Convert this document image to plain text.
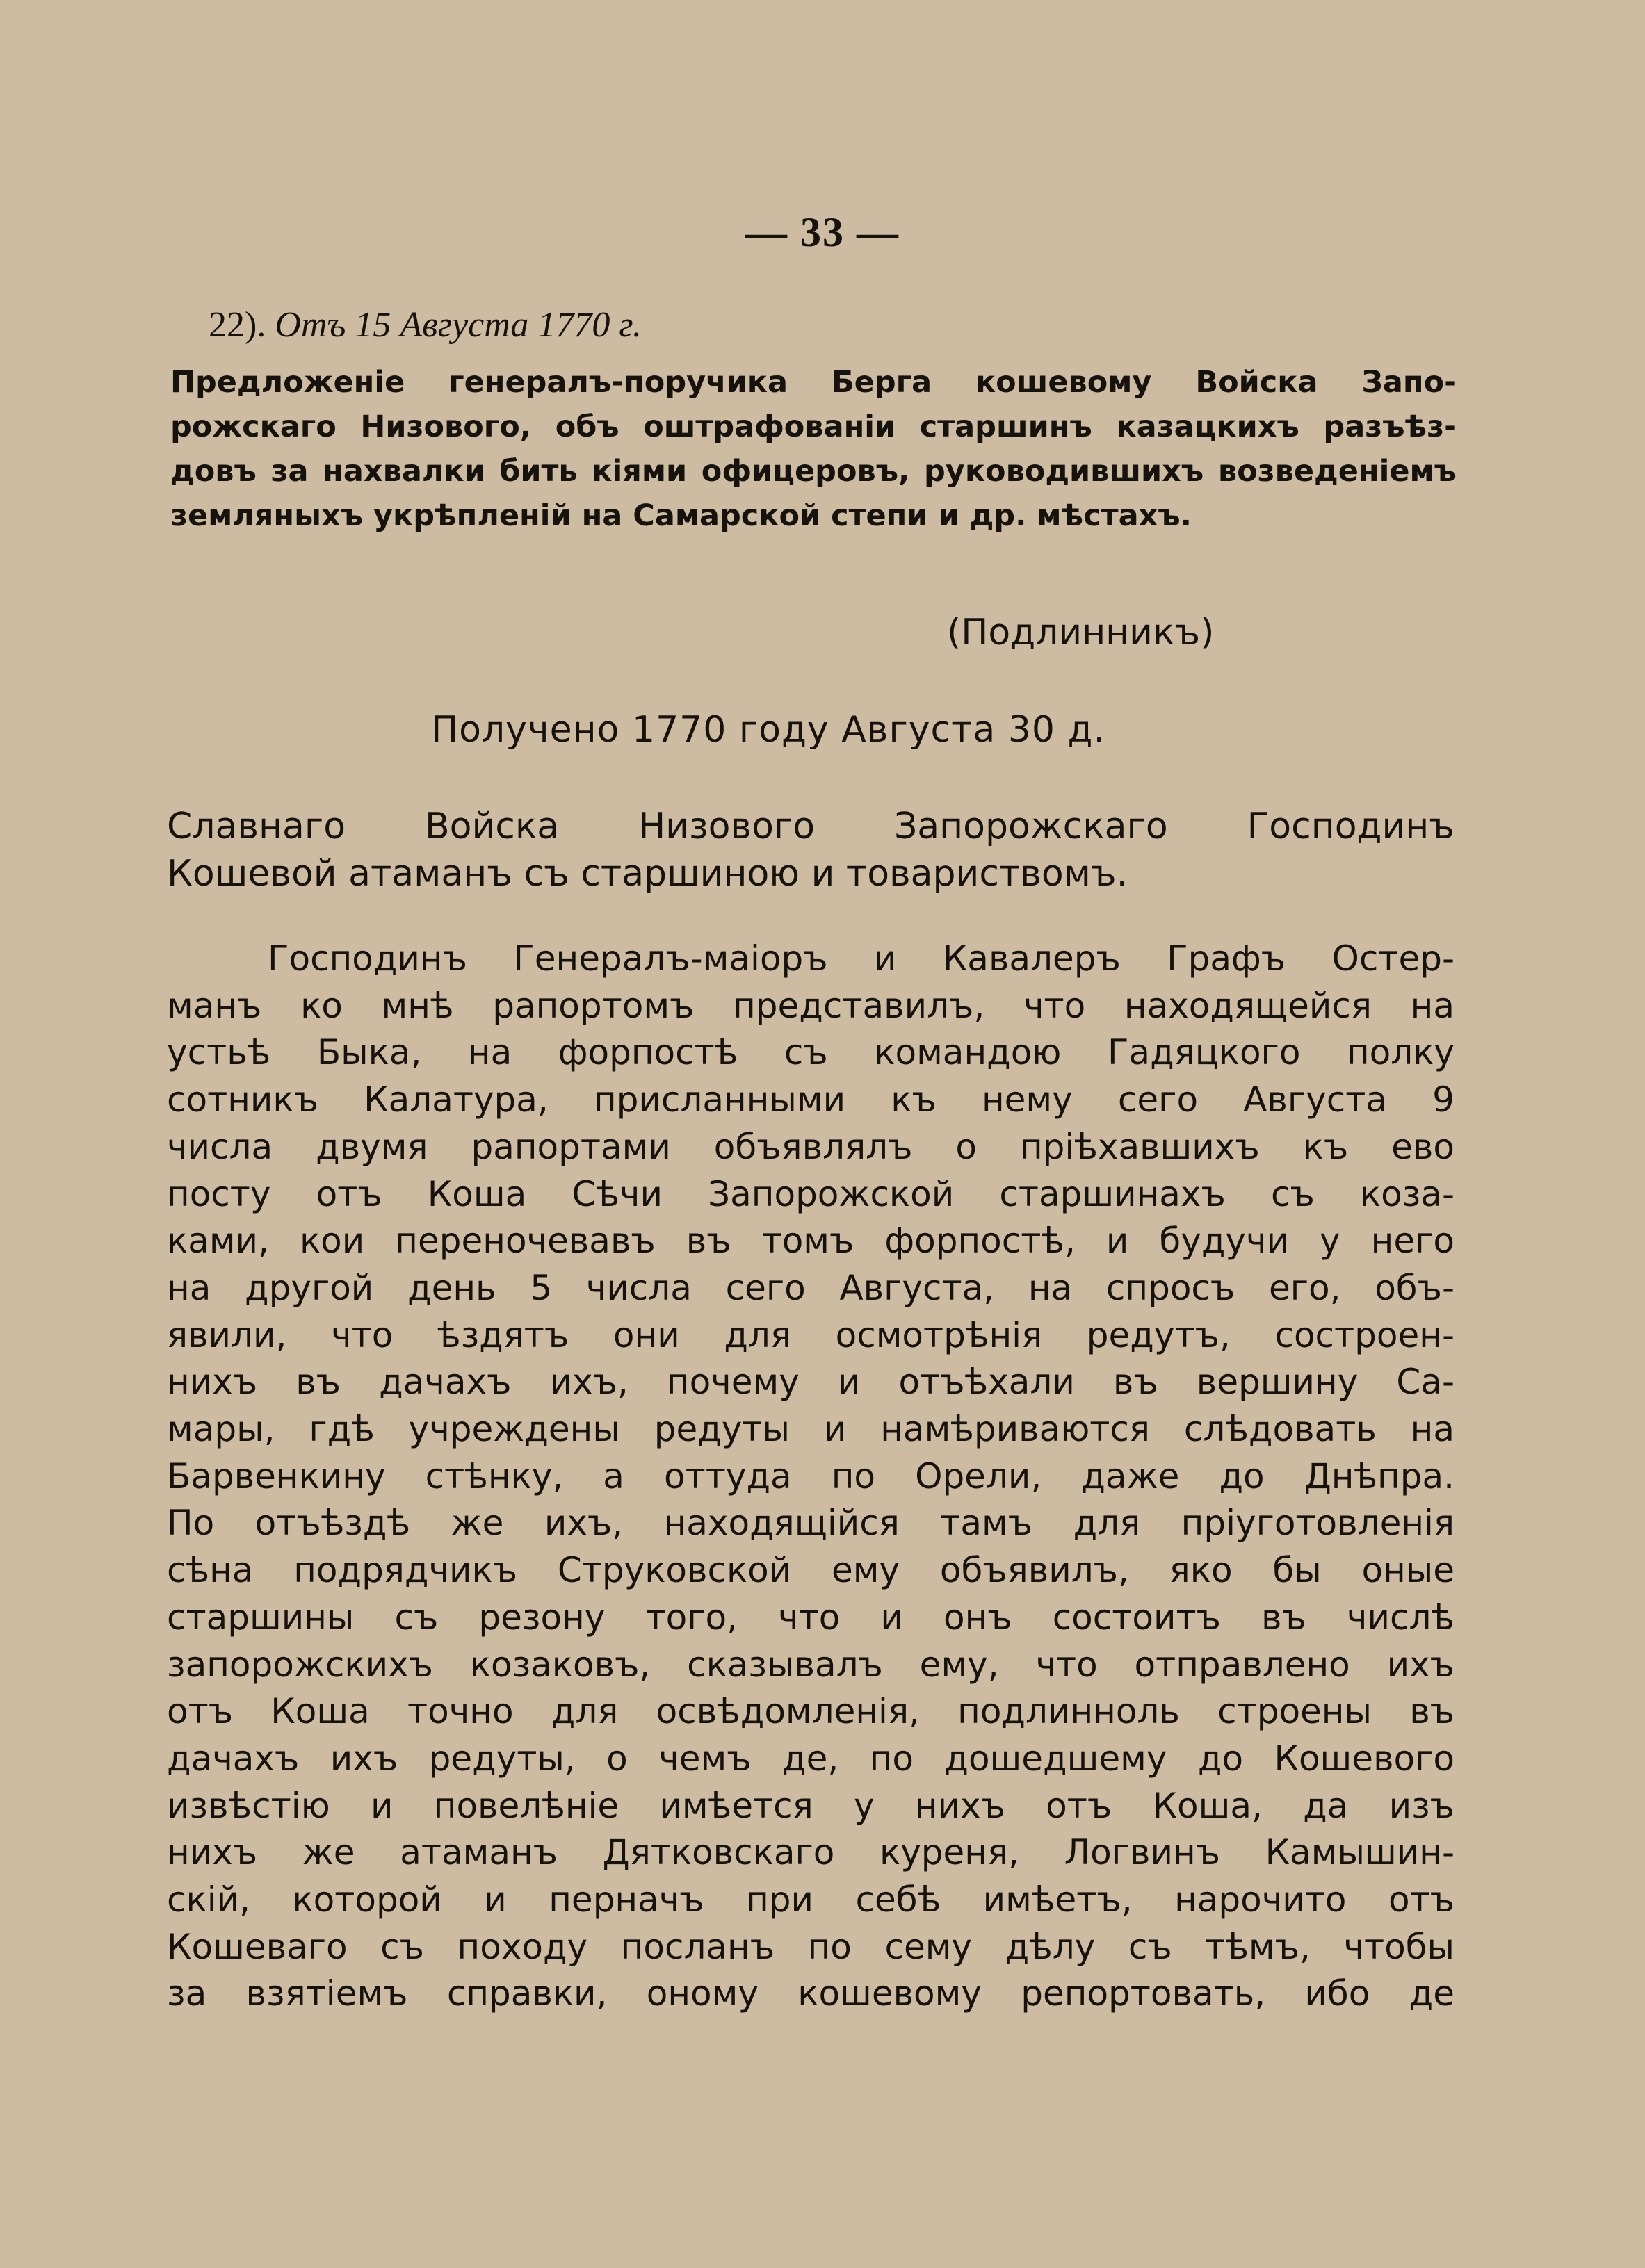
— 33 —
22). Отъ 15 Августа 1770 г.
Предложеніе генералъ-поручика Берга кошевому Войска Запо-
рожскаго Низового, объ оштрафованіи старшинъ казацкихъ разъѣз-
довъ за нахвалки бить кіями офицеровъ, руководившихъ возведеніемъ
земляныхъ укрѣпленій на Самарской степи и др. мѣстахъ.
(Подлинникъ)
Получено 1770 году Августа 30 д.
Славнаго Войска Низового Запорожскаго Господинъ
Кошевой атаманъ съ старшиною и товариствомъ.
Господинъ Генералъ-маіоръ и Кавалеръ Графъ Остер-
манъ ко мнѣ рапортомъ представилъ, что находящейся на
устьѣ Быка, на форпостѣ съ командою Гадяцкого полку
сотникъ Калатура, присланными къ нему сего Августа 9
числа двумя рапортами объявлялъ о пріѣхавшихъ къ ево
посту отъ Коша Сѣчи Запорожской старшинахъ съ коза-
ками, кои переночевавъ въ томъ форпостѣ, и будучи у него
на другой день 5 числа сего Августа, на спросъ его, объ-
явили, что ѣздятъ они для осмотрѣнія редутъ, состроен-
нихъ въ дачахъ ихъ, почему и отъѣхали въ вершину Са-
мары, гдѣ учреждены редуты и намѣриваются слѣдовать на
Барвенкину стѣнку, а оттуда по Орели, даже до Днѣпра.
По отъѣздѣ же ихъ, находящійся тамъ для пріуготовленія
сѣна подрядчикъ Струковской ему объявилъ, яко бы оные
старшины съ резону того, что и онъ состоитъ въ числѣ
запорожскихъ козаковъ, сказывалъ ему, что отправлено ихъ
отъ Коша точно для освѣдомленія, подлинноль строены въ
дачахъ ихъ редуты, о чемъ де, по дошедшему до Кошевого
извѣстію и повелѣніе имѣется у нихъ отъ Коша, да изъ
нихъ же атаманъ Дятковскаго куреня, Логвинъ Камышин-
скій, которой и перначъ при себѣ имѣетъ, нарочито отъ
Кошеваго съ походу посланъ по сему дѣлу съ тѣмъ, чтобы
за взятіемъ справки, оному кошевому репортовать, ибо де
